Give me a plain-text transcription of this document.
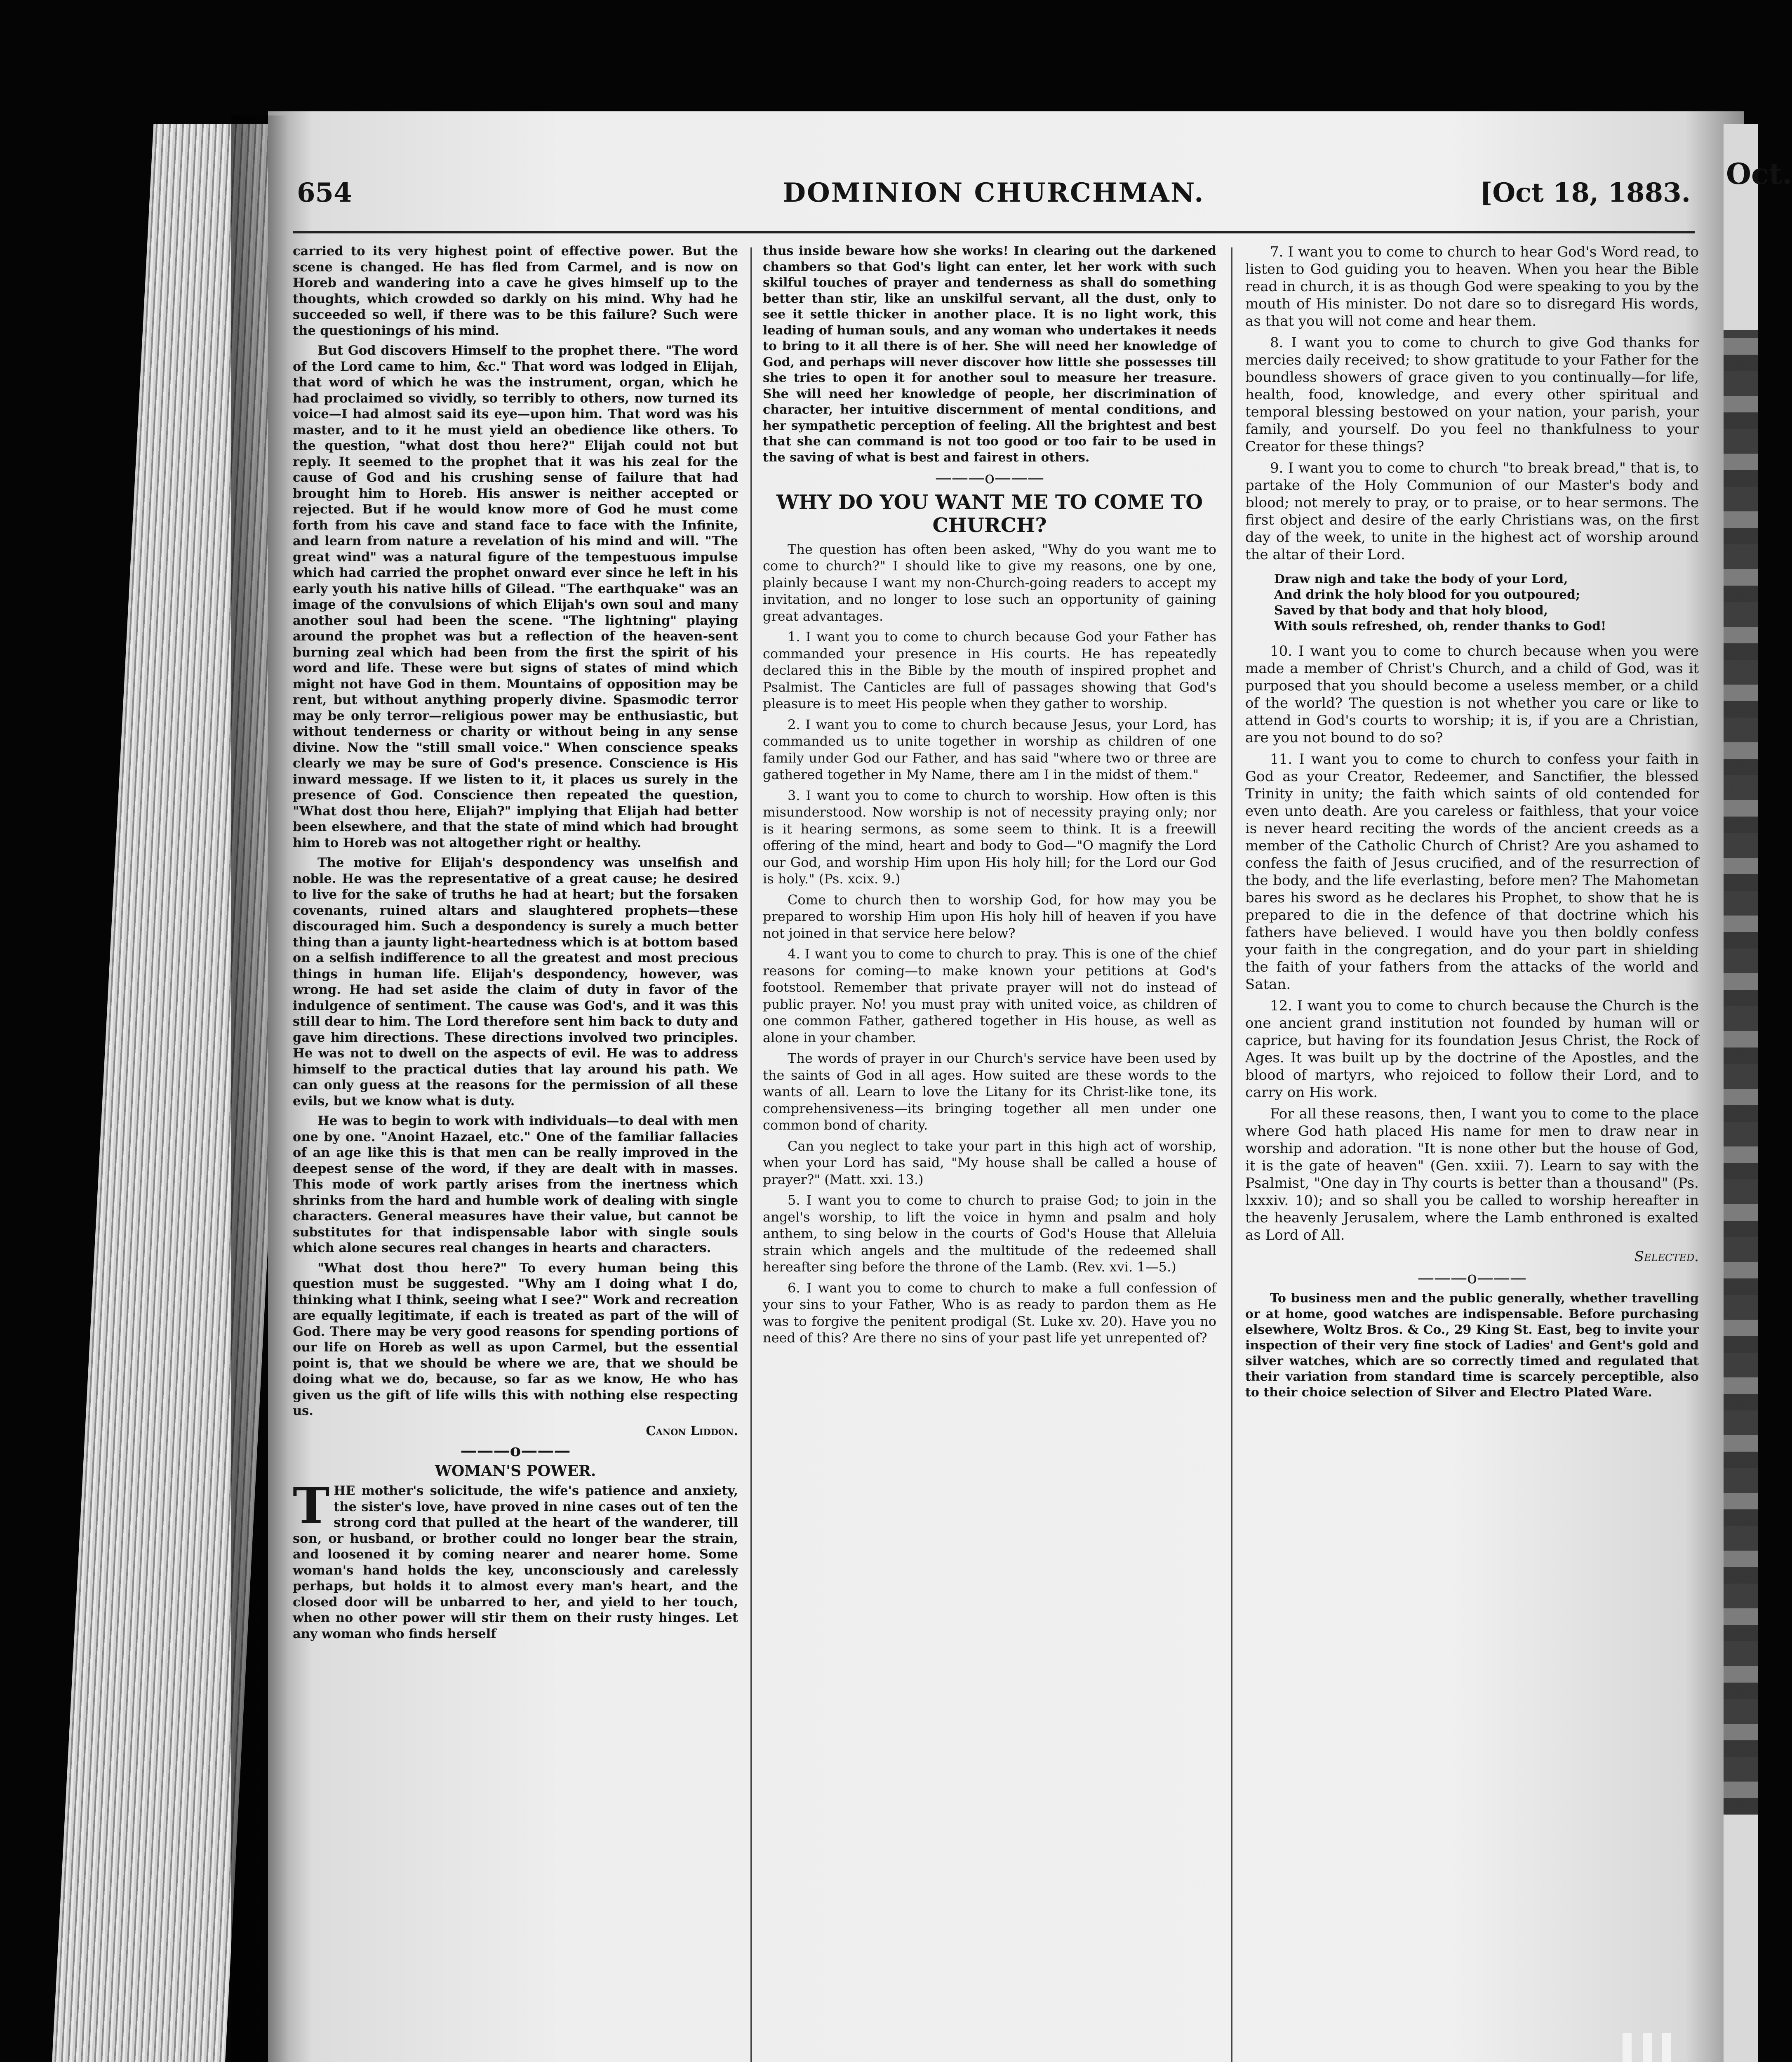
654	DOMINION CHURCHMAN.	[Oct 18, 1883.

carried to its very highest point of effective power. But the scene is changed. He has fled from Carmel, and is now on Horeb and wandering into a cave he gives himself up to the thoughts, which crowded so darkly on his mind. Why had he succeeded so well, if there was to be this failure? Such were the questionings of his mind.

But God discovers Himself to the prophet there. "The word of the Lord came to him, &c." That word was lodged in Elijah, that word of which he was the instrument, organ, which he had proclaimed so vividly, so terribly to others, now turned its voice—I had almost said its eye—upon him. That word was his master, and to it he must yield an obedience like others. To the question, "what dost thou here?" Elijah could not but reply. It seemed to the prophet that it was his zeal for the cause of God and his crushing sense of failure that had brought him to Horeb. His answer is neither accepted or rejected. But if he would know more of God he must come forth from his cave and stand face to face with the Infinite, and learn from nature a revelation of his mind and will. "The great wind" was a natural figure of the tempestuous impulse which had carried the prophet onward ever since he left in his early youth his native hills of Gilead. "The earthquake" was an image of the convulsions of which Elijah's own soul and many another soul had been the scene. "The lightning" playing around the prophet was but a reflection of the heaven-sent burning zeal which had been from the first the spirit of his word and life. These were but signs of states of mind which might not have God in them. Mountains of opposition may be rent, but without anything properly divine. Spasmodic terror may be only terror—religious power may be enthusiastic, but without tenderness or charity or without being in any sense divine. Now the "still small voice." When conscience speaks clearly we may be sure of God's presence. Conscience is His inward message. If we listen to it, it places us surely in the presence of God. Conscience then repeated the question, "What dost thou here, Elijah?" implying that Elijah had better been elsewhere, and that the state of mind which had brought him to Horeb was not altogether right or healthy.

The motive for Elijah's despondency was unselfish and noble. He was the representative of a great cause; he desired to live for the sake of truths he had at heart; but the forsaken covenants, ruined altars and slaughtered prophets—these discouraged him. Such a despondency is surely a much better thing than a jaunty light-heartedness which is at bottom based on a selfish indifference to all the greatest and most precious things in human life. Elijah's despondency, however, was wrong. He had set aside the claim of duty in favor of the indulgence of sentiment. The cause was God's, and it was this still dear to him. The Lord therefore sent him back to duty and gave him directions. These directions involved two principles. He was not to dwell on the aspects of evil. He was to address himself to the practical duties that lay around his path. We can only guess at the reasons for the permission of all these evils, but we know what is duty.

He was to begin to work with individuals—to deal with men one by one. "Anoint Hazael, etc." One of the familiar fallacies of an age like this is that men can be really improved in the deepest sense of the word, if they are dealt with in masses. This mode of work partly arises from the inertness which shrinks from the hard and humble work of dealing with single characters. General measures have their value, but cannot be substitutes for that indispensable labor with single souls which alone secures real changes in hearts and characters.

"What dost thou here?" To every human being this question must be suggested. "Why am I doing what I do, thinking what I think, seeing what I see?" Work and recreation are equally legitimate, if each is treated as part of the will of God. There may be very good reasons for spending portions of our life on Horeb as well as upon Carmel, but the essential point is, that we should be where we are, that we should be doing what we do, because, so far as we know, He who has given us the gift of life wills this with nothing else respecting us.

Canon Liddon.

———o———

WOMAN'S POWER.

THE mother's solicitude, the wife's patience and anxiety, the sister's love, have proved in nine cases out of ten the strong cord that pulled at the heart of the wanderer, till son, or husband, or brother could no longer bear the strain, and loosened it by coming nearer and nearer home. Some woman's hand holds the key, unconsciously and carelessly perhaps, but holds it to almost every man's heart, and the closed door will be unbarred to her, and yield to her touch, when no other power will stir them on their rusty hinges. Let any woman who finds herself

thus inside beware how she works! In clearing out the darkened chambers so that God's light can enter, let her work with such skilful touches of prayer and tenderness as shall do something better than stir, like an unskilful servant, all the dust, only to see it settle thicker in another place. It is no light work, this leading of human souls, and any woman who undertakes it needs to bring to it all there is of her. She will need her knowledge of God, and perhaps will never discover how little she possesses till she tries to open it for another soul to measure her treasure. She will need her knowledge of people, her discrimination of character, her intuitive discernment of mental conditions, and her sympathetic perception of feeling. All the brightest and best that she can command is not too good or too fair to be used in the saving of what is best and fairest in others.

———o———

WHY DO YOU WANT ME TO COME TO CHURCH?

The question has often been asked, "Why do you want me to come to church?" I should like to give my reasons, one by one, plainly because I want my non-Church-going readers to accept my invitation, and no longer to lose such an opportunity of gaining great advantages.

1. I want you to come to church because God your Father has commanded your presence in His courts. He has repeatedly declared this in the Bible by the mouth of inspired prophet and Psalmist. The Canticles are full of passages showing that God's pleasure is to meet His people when they gather to worship.

2. I want you to come to church because Jesus, your Lord, has commanded us to unite together in worship as children of one family under God our Father, and has said "where two or three are gathered together in My Name, there am I in the midst of them."

3. I want you to come to church to worship. How often is this misunderstood. Now worship is not of necessity praying only; nor is it hearing sermons, as some seem to think. It is a freewill offering of the mind, heart and body to God—"O magnify the Lord our God, and worship Him upon His holy hill; for the Lord our God is holy." (Ps. xcix. 9.)

Come to church then to worship God, for how may you be prepared to worship Him upon His holy hill of heaven if you have not joined in that service here below?

4. I want you to come to church to pray. This is one of the chief reasons for coming—to make known your petitions at God's footstool. Remember that private prayer will not do instead of public prayer. No! you must pray with united voice, as children of one common Father, gathered together in His house, as well as alone in your chamber.

The words of prayer in our Church's service have been used by the saints of God in all ages. How suited are these words to the wants of all. Learn to love the Litany for its Christ-like tone, its comprehensiveness—its bringing together all men under one common bond of charity.

Can you neglect to take your part in this high act of worship, when your Lord has said, "My house shall be called a house of prayer?" (Matt. xxi. 13.)

5. I want you to come to church to praise God; to join in the angel's worship, to lift the voice in hymn and psalm and holy anthem, to sing below in the courts of God's House that Alleluia strain which angels and the multitude of the redeemed shall hereafter sing before the throne of the Lamb. (Rev. xvi. 1—5.)

6. I want you to come to church to make a full confession of your sins to your Father, Who is as ready to pardon them as He was to forgive the penitent prodigal (St. Luke xv. 20). Have you no need of this? Are there no sins of your past life yet unrepented of?

7. I want you to come to church to hear God's Word read, to listen to God guiding you to heaven. When you hear the Bible read in church, it is as though God were speaking to you by the mouth of His minister. Do not dare so to disregard His words, as that you will not come and hear them.

8. I want you to come to church to give God thanks for mercies daily received; to show gratitude to your Father for the boundless showers of grace given to you continually—for life, health, food, knowledge, and every other spiritual and temporal blessing bestowed on your nation, your parish, your family, and yourself. Do you feel no thankfulness to your Creator for these things?

9. I want you to come to church "to break bread," that is, to partake of the Holy Communion of our Master's body and blood; not merely to pray, or to praise, or to hear sermons. The first object and desire of the early Christians was, on the first day of the week, to unite in the highest act of worship around the altar of their Lord.

Draw nigh and take the body of your Lord,
And drink the holy blood for you outpoured;
Saved by that body and that holy blood,
With souls refreshed, oh, render thanks to God!

10. I want you to come to church because when you were made a member of Christ's Church, and a child of God, was it purposed that you should become a useless member, or a child of the world? The question is not whether you care or like to attend in God's courts to worship; it is, if you are a Christian, are you not bound to do so?

11. I want you to come to church to confess your faith in God as your Creator, Redeemer, and Sanctifier, the blessed Trinity in unity; the faith which saints of old contended for even unto death. Are you careless or faithless, that your voice is never heard reciting the words of the ancient creeds as a member of the Catholic Church of Christ? Are you ashamed to confess the faith of Jesus crucified, and of the resurrection of the body, and the life everlasting, before men? The Mahometan bares his sword as he declares his Prophet, to show that he is prepared to die in the defence of that doctrine which his fathers have believed. I would have you then boldly confess your faith in the congregation, and do your part in shielding the faith of your fathers from the attacks of the world and Satan.

12. I want you to come to church because the Church is the one ancient grand institution not founded by human will or caprice, but having for its foundation Jesus Christ, the Rock of Ages. It was built up by the doctrine of the Apostles, and the blood of martyrs, who rejoiced to follow their Lord, and to carry on His work.

For all these reasons, then, I want you to come to the place where God hath placed His name for men to draw near in worship and adoration. "It is none other but the house of God, it is the gate of heaven" (Gen. xxiii. 7). Learn to say with the Psalmist, "One day in Thy courts is better than a thousand" (Ps. lxxxiv. 10); and so shall you be called to worship hereafter in the heavenly Jerusalem, where the Lamb enthroned is exalted as Lord of All.

Selected.

———o———

To business men and the public generally, whether travelling or at home, good watches are indispensable. Before purchasing elsewhere, Woltz Bros. & Co., 29 King St. East, beg to invite your inspection of their very fine stock of Ladies' and Gent's gold and silver watches, which are so correctly timed and regulated that their variation from standard time is scarcely perceptible, also to their choice selection of Silver and Electro Plated Ware.

Oct.
